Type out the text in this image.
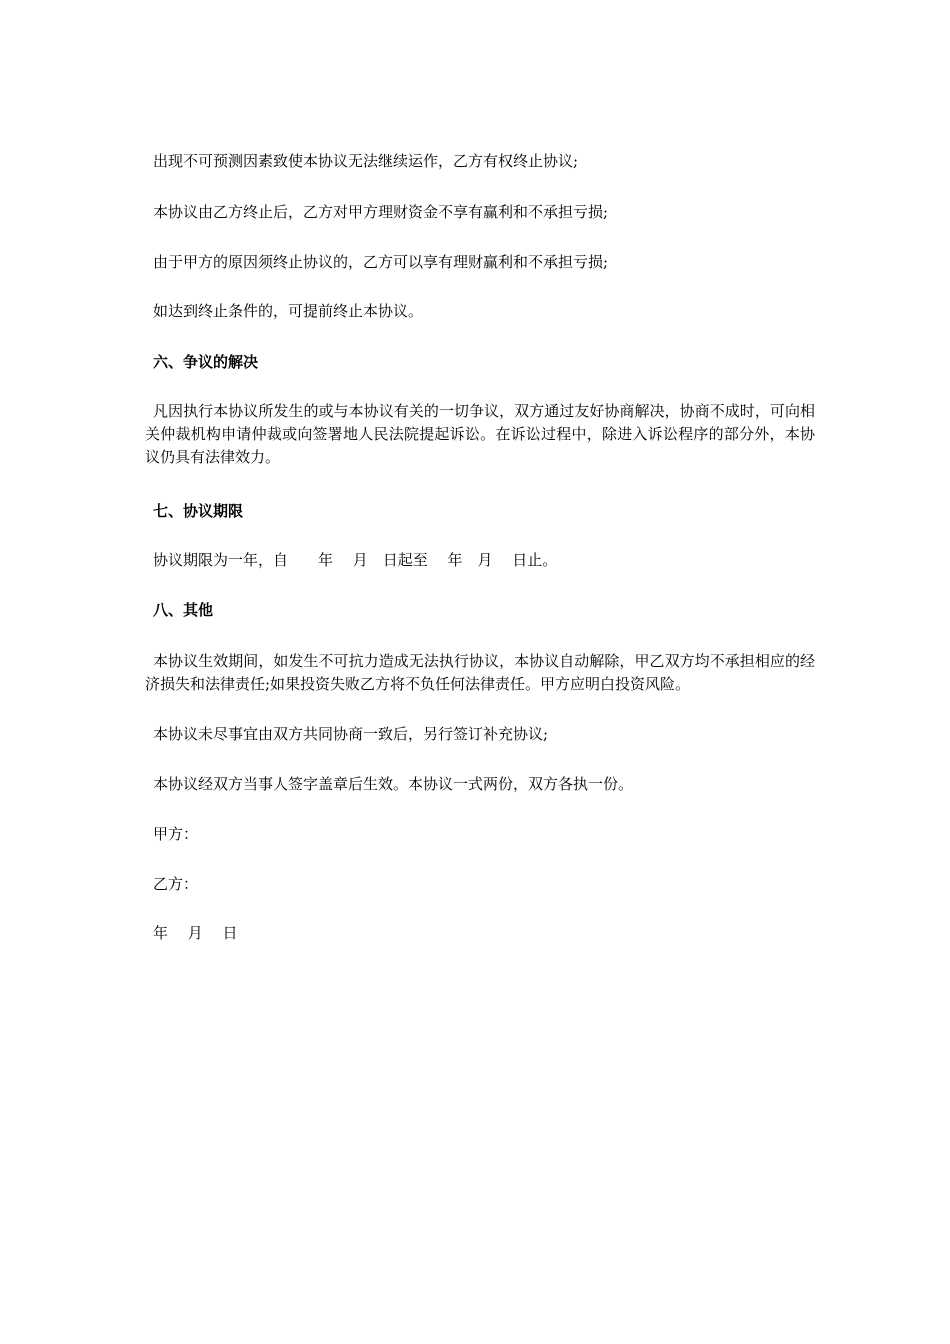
出现不可预测因素致使本协议无法继续运作，乙方有权终止协议;

本协议由乙方终止后，乙方对甲方理财资金不享有赢利和不承担亏损;

由于甲方的原因须终止协议的，乙方可以享有理财赢利和不承担亏损;

如达到终止条件的，可提前终止本协议。

六、争议的解决

凡因执行本协议所发生的或与本协议有关的一切争议，双方通过友好协商解决，协商不成时，可向相关仲裁机构申请仲裁或向签署地人民法院提起诉讼。在诉讼过程中，除进入诉讼程序的部分外，本协议仍具有法律效力。

七、协议期限

协议期限为一年，自　　年　 月　日起至　 年　月　 日止。

八、其他

本协议生效期间，如发生不可抗力造成无法执行协议，本协议自动解除，甲乙双方均不承担相应的经济损失和法律责任;如果投资失败乙方将不负任何法律责任。甲方应明白投资风险。

本协议未尽事宜由双方共同协商一致后，另行签订补充协议;

本协议经双方当事人签字盖章后生效。本协议一式两份，双方各执一份。

甲方：

乙方：

年　 月　 日
